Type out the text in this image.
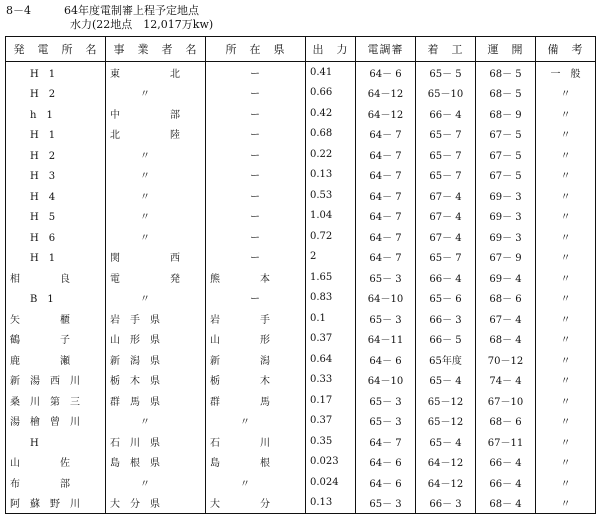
8－4	64年度電制審上程予定地点
水力(22地点　12,017万kw)
発　電　所　名	事　業　者　名	所　在　県	出　力	電調審	着　工	運　開	備　考
　　H　1	東　　　　　北	　　　　ー	0.41	64－ 6	65－ 5	68－ 5	一　般
　　H　2	　　　〃	　　　　ー	0.66	64－12	65－10	68－ 5	〃
　　h　1	中　　　　　部	　　　　ー	0.42	64－12	66－ 4	68－ 9	〃
　　H　1	北　　　　　陸	　　　　ー	0.68	64－ 7	65－ 7	67－ 5	〃
　　H　2	　　　〃	　　　　ー	0.22	64－ 7	65－ 7	67－ 5	〃
　　H　3	　　　〃	　　　　ー	0.13	64－ 7	65－ 7	67－ 5	〃
　　H　4	　　　〃	　　　　ー	0.53	64－ 7	67－ 4	69－ 3	〃
　　H　5	　　　〃	　　　　ー	1.04	64－ 7	67－ 4	69－ 3	〃
　　H　6	　　　〃	　　　　ー	0.72	64－ 7	67－ 4	69－ 3	〃
　　H　1	関　　　　　西	　　　　ー	2	64－ 7	65－ 7	67－ 9	〃
相　　　　良	電　　　　　発	熊　　　　本	1.65	65－ 3	66－ 4	69－ 4	〃
　　B　1	　　　〃	　　　　ー	0.83	64－10	65－ 6	68－ 6	〃
矢　　　　櫃	岩　手　県	岩　　　　手	0.1	65－ 3	66－ 3	67－ 4	〃
鶴　　　　子	山　形　県	山　　　　形	0.37	64－11	66－ 5	68－ 4	〃
鹿　　　　瀬	新　潟　県	新　　　　潟	0.64	64－ 6	65年度	70－12	〃
新　湯　西　川	栃　木　県	栃　　　　木	0.33	64－10	65－ 4	74－ 4	〃
桑　川　第　三	群　馬　県	群　　　　馬	0.17	65－ 3	65－12	67－10	〃
湯　檜　曾　川	　　　〃	　　　〃	0.37	65－ 3	65－12	68－ 6	〃
　　H	石　川　県	石　　　　川	0.35	64－ 7	65－ 4	67－11	〃
山　　　　佐	島　根　県	島　　　　根	0.023	64－ 6	64－12	66－ 4	〃
布　　　　部	　　　〃	　　　〃	0.024	64－ 6	64－12	66－ 4	〃
阿　蘇　野　川	大　分　県	大　　　　分	0.13	65－ 3	66－ 3	68－ 4	〃
